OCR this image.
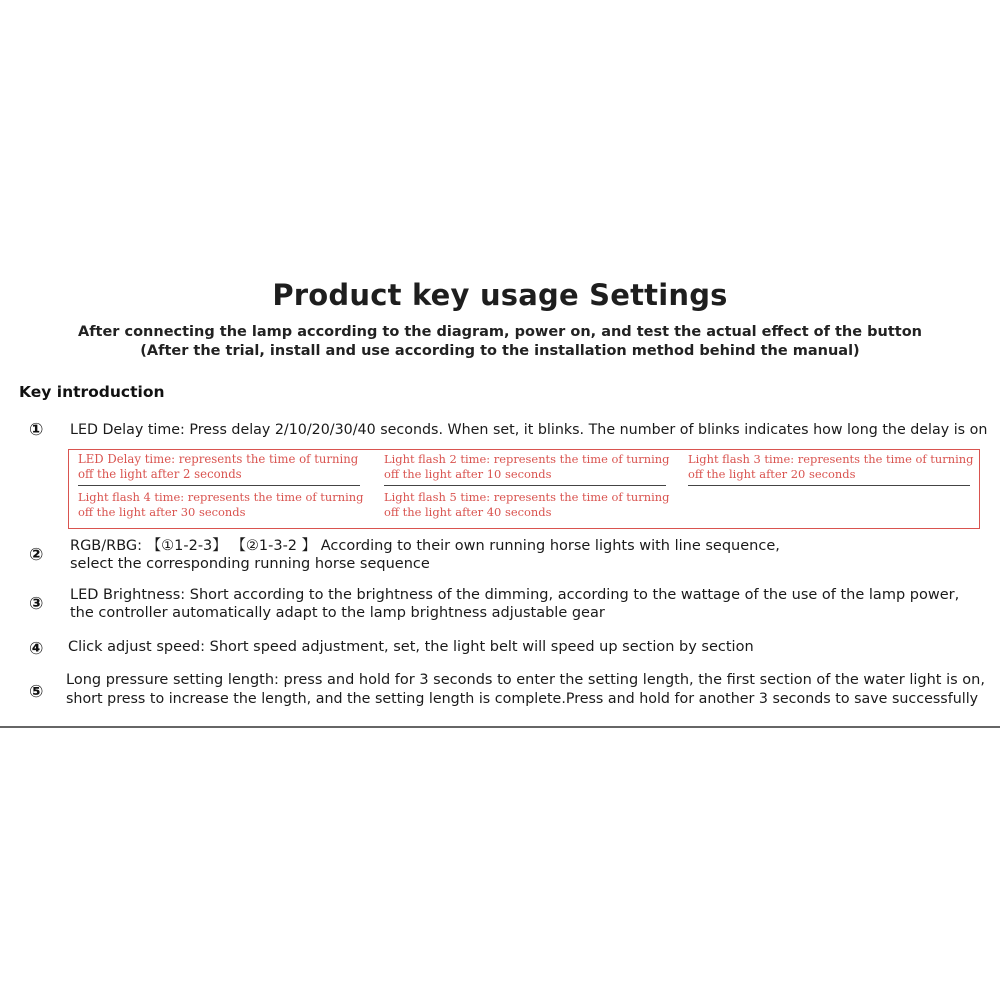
Product key usage Settings
After connecting the lamp according to the diagram, power on, and test the actual effect of the button
(After the trial, install and use according to the installation method behind the manual)
Key introduction
① LED Delay time: Press delay 2/10/20/30/40 seconds. When set, it blinks. The number of blinks indicates how long the delay is on
LED Delay time: represents the time of turning
off the light after 2 seconds
Light flash 2 time: represents the time of turning
off the light after 10 seconds
Light flash 3 time: represents the time of turning
off the light after 20 seconds
Light flash 4 time: represents the time of turning
off the light after 30 seconds
Light flash 5 time: represents the time of turning
off the light after 40 seconds
② RGB/RBG: 【①1-2-3】 【②1-3-2 】 According to their own running horse lights with line sequence,
select the corresponding running horse sequence
③ LED Brightness: Short according to the brightness of the dimming, according to the wattage of the use of the lamp power,
the controller automatically adapt to the lamp brightness adjustable gear
④ Click adjust speed: Short speed adjustment, set, the light belt will speed up section by section
⑤
Long pressure setting length: press and hold for 3 seconds to enter the setting length, the first section of the water light is on,
short press to increase the length, and the setting length is complete.Press and hold for another 3 seconds to save successfully
